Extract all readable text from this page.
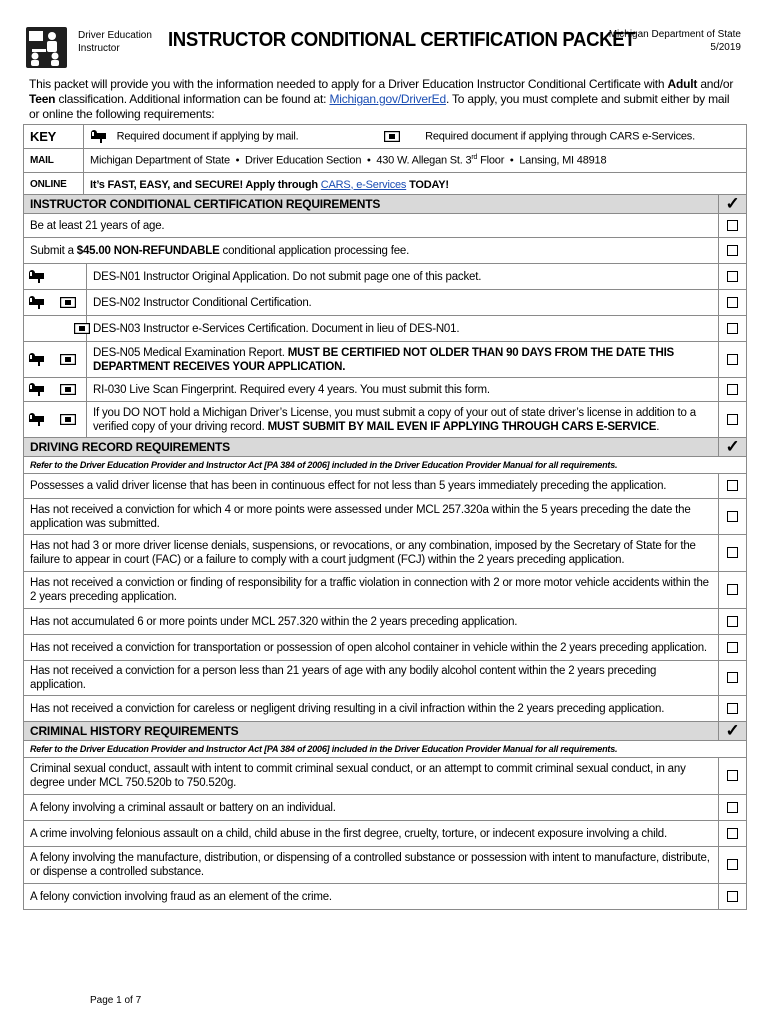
Driver Education
Instructor	INSTRUCTOR CONDITIONAL CERTIFICATION PACKET
Michigan Department of State
5/2019
This packet will provide you with the information needed to apply for a Driver Education Instructor Conditional Certificate with Adult and/or Teen classification. Additional information can be found at: Michigan.gov/DriverEd. To apply, you must complete and submit either by mail or online the following requirements:
KEY	Required document if applying by mail. Required document if applying through CARS e-Services.
MAIL	Michigan Department of State  •  Driver Education Section  •  430 W. Allegan St. 3rd Floor  •  Lansing, MI 48918
ONLINE	It’s FAST, EASY, and SECURE! Apply through CARS, e-Services TODAY!
INSTRUCTOR CONDITIONAL CERTIFICATION REQUIREMENTS		✓
Be at least 21 years of age.		
Submit a $45.00 NON-REFUNDABLE conditional application processing fee.		
	DES-N01 Instructor Original Application. Do not submit page one of this packet.	
	DES-N02 Instructor Conditional Certification.	
	DES-N03 Instructor e-Services Certification. Document in lieu of DES-N01.	
	DES-N05 Medical Examination Report. MUST BE CERTIFIED NOT OLDER THAN 90 DAYS FROM THE DATE THIS DEPARTMENT RECEIVES YOUR APPLICATION.	
	RI-030 Live Scan Fingerprint. Required every 4 years. You must submit this form.	
	If you DO NOT hold a Michigan Driver’s License, you must submit a copy of your out of state driver’s license in addition to a verified copy of your driving record. MUST SUBMIT BY MAIL EVEN IF APPLYING THROUGH CARS E-SERVICE.	
DRIVING RECORD REQUIREMENTS		✓
Refer to the Driver Education Provider and Instructor Act [PA 384 of 2006] included in the Driver Education Provider Manual for all requirements.		
Possesses a valid driver license that has been in continuous effect for not less than 5 years immediately preceding the application.		
Has not received a conviction for which 4 or more points were assessed under MCL 257.320a within the 5 years preceding the date the application was submitted.		
Has not had 3 or more driver license denials, suspensions, or revocations, or any combination, imposed by the Secretary of State for the failure to appear in court (FAC) or a failure to comply with a court judgment (FCJ) within the 2 years preceding application.		
Has not received a conviction or finding of responsibility for a traffic violation in connection with 2 or more motor vehicle accidents within the 2 years preceding application.		
Has not accumulated 6 or more points under MCL 257.320 within the 2 years preceding application.		
Has not received a conviction for transportation or possession of open alcohol container in vehicle within the 2 years preceding application.		
Has not received a conviction for a person less than 21 years of age with any bodily alcohol content within the 2 years preceding application.		
Has not received a conviction for careless or negligent driving resulting in a civil infraction within the 2 years preceding application.		
CRIMINAL HISTORY REQUIREMENTS		✓
Refer to the Driver Education Provider and Instructor Act [PA 384 of 2006] included in the Driver Education Provider Manual for all requirements.		
Criminal sexual conduct, assault with intent to commit criminal sexual conduct, or an attempt to commit criminal sexual conduct, in any degree under MCL 750.520b to 750.520g.		
A felony involving a criminal assault or battery on an individual.		
A crime involving felonious assault on a child, child abuse in the first degree, cruelty, torture, or indecent exposure involving a child.		
A felony involving the manufacture, distribution, or dispensing of a controlled substance or possession with intent to manufacture, distribute, or dispense a controlled substance.		
A felony conviction involving fraud as an element of the crime.		
Page 1 of 7
